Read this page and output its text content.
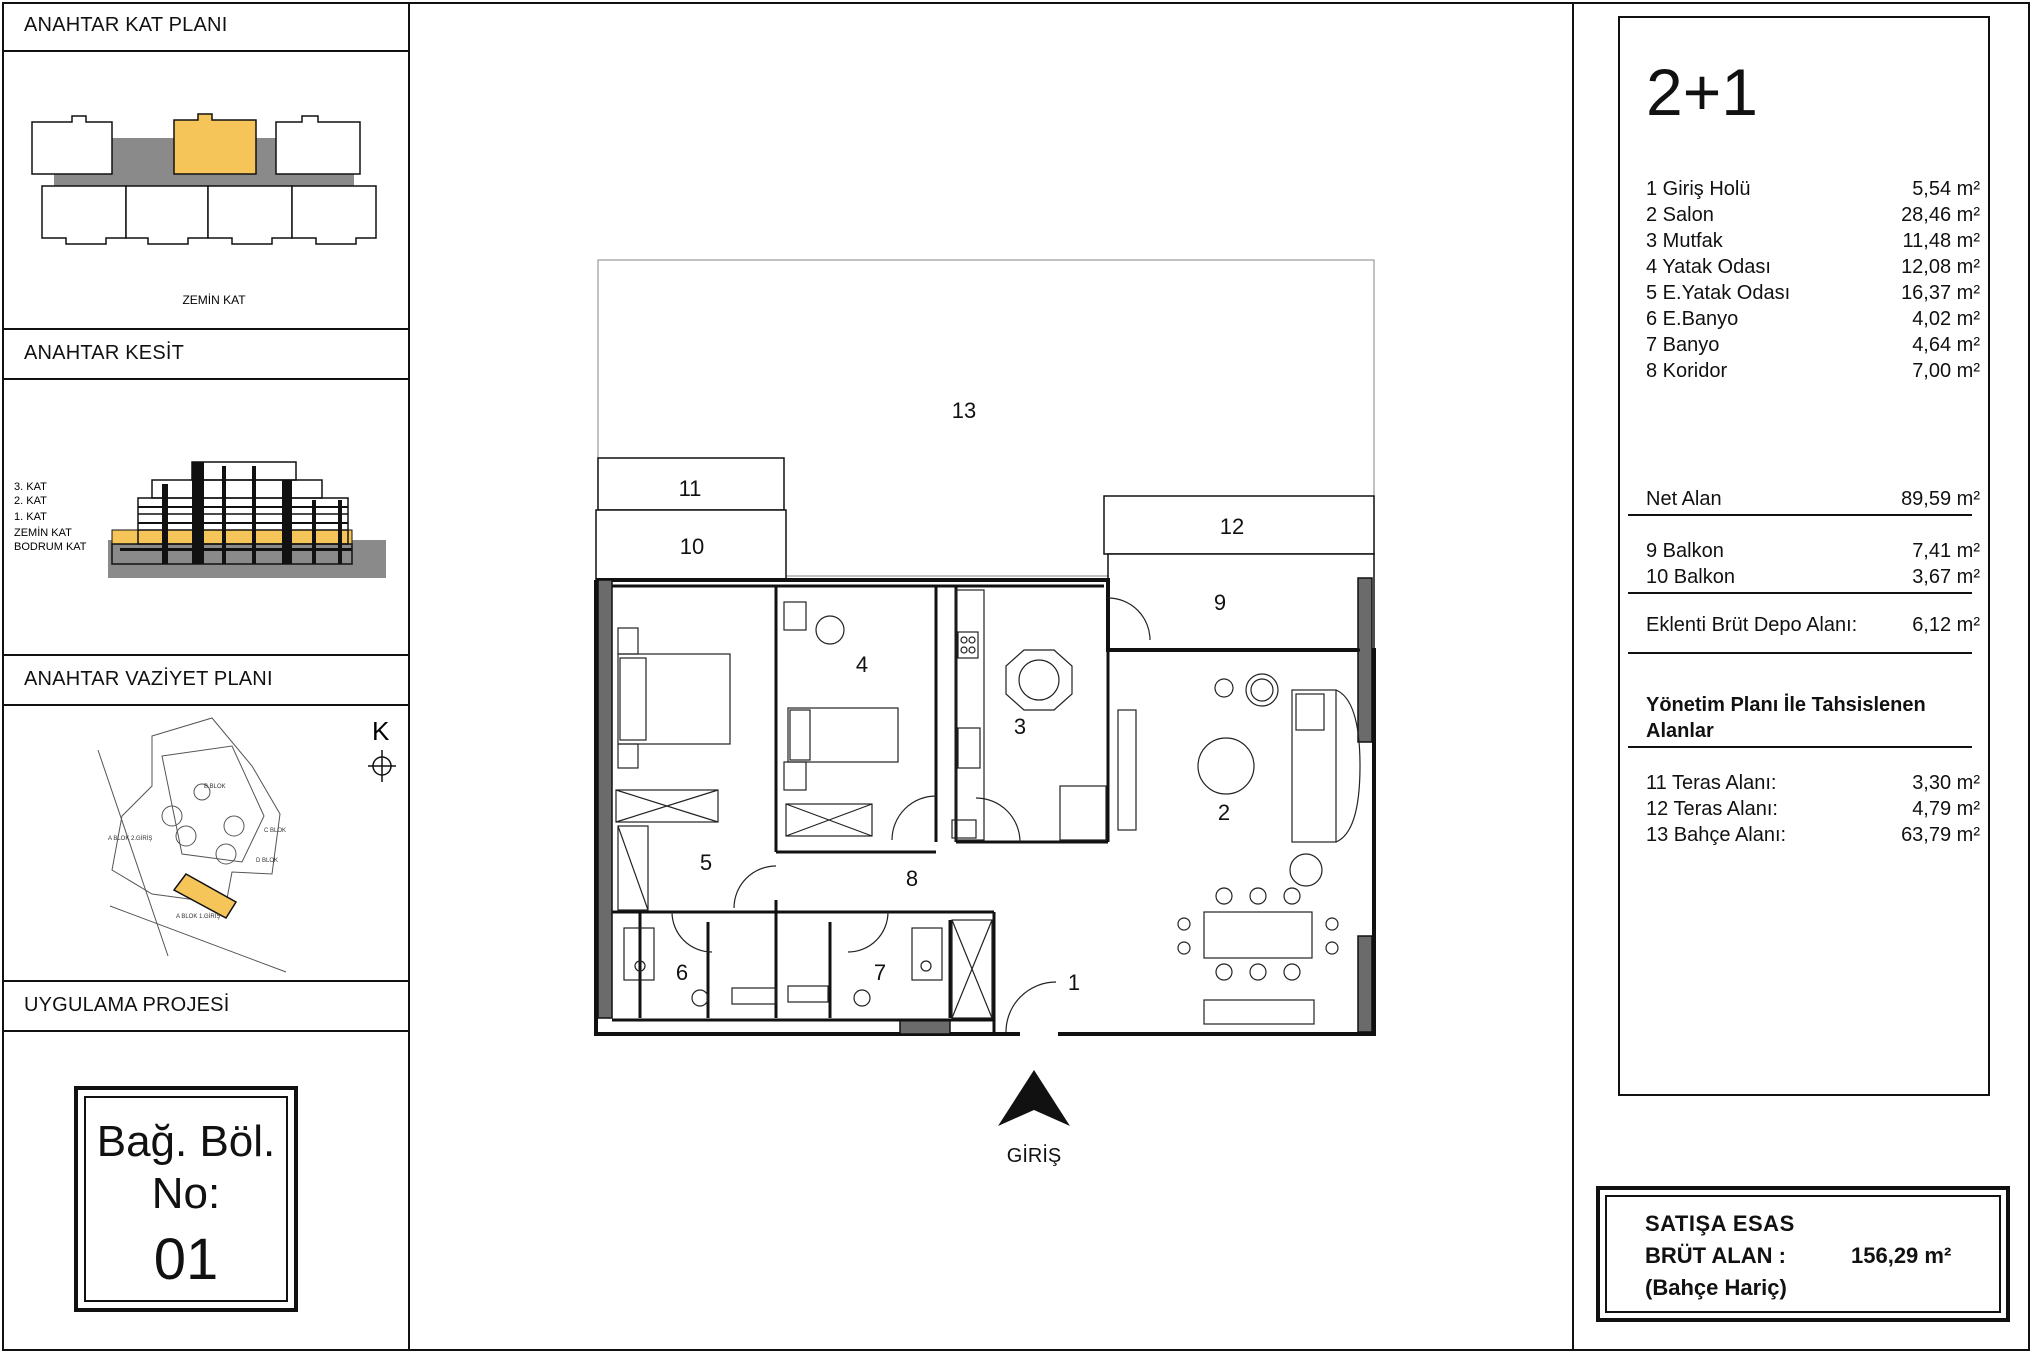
ANAHTAR KAT PLANI
ZEMİN KAT
ANAHTAR KESİT
3. KAT
2. KAT
1. KAT
ZEMİN KAT
BODRUM KAT
ANAHTAR VAZİYET PLANI
K
B BLOK
C BLOK
D BLOK
A BLOK 2.GİRİŞ
A BLOK 1.GİRİŞ
UYGULAMA PROJESİ
Bağ. Böl.
No:
01
1
2
3
4
5
6	7
8
9
10
11
12
13
GİRİŞ
2+1
1 Giriş Holü	5,54 m²
2 Salon	28,46 m²
3 Mutfak	11,48 m²
4 Yatak Odası	12,08 m²
5 E.Yatak Odası	16,37 m²
6 E.Banyo	4,02 m²
7 Banyo	4,64 m²
8 Koridor	7,00 m²
Net Alan	89,59 m²
9 Balkon	7,41 m²
10 Balkon	3,67 m²
Eklenti Brüt Depo Alanı:	6,12 m²
Yönetim Planı İle Tahsislenen Alanlar
11 Teras Alanı:	3,30 m²
12 Teras Alanı:	4,79 m²
13 Bahçe Alanı:	63,79 m²
SATIŞA ESAS
BRÜT ALAN :	156,29 m²
(Bahçe Hariç)
